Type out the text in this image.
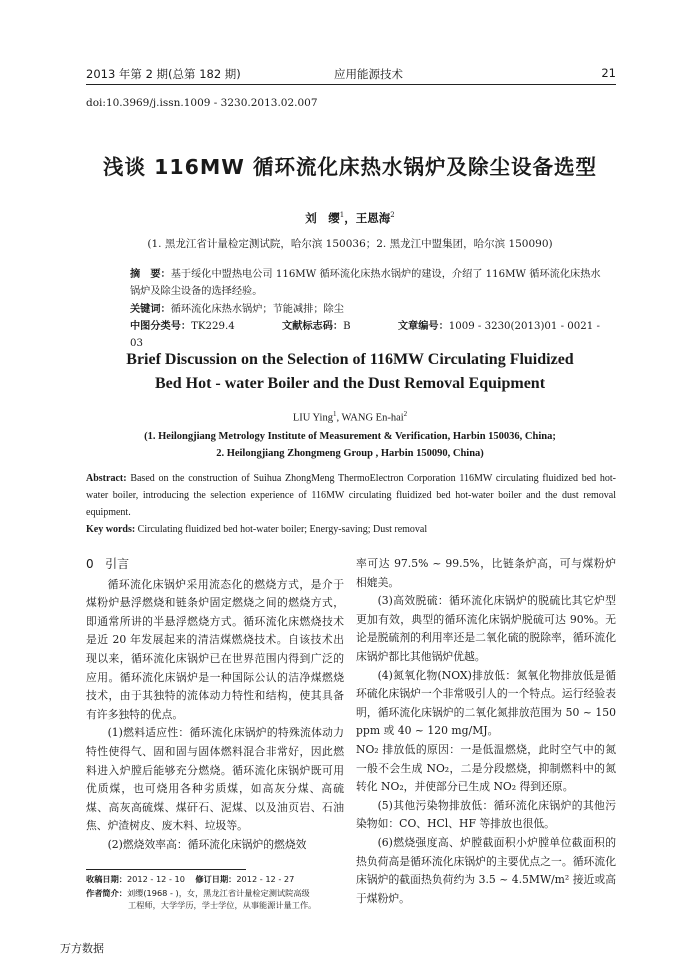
2013 年第 2 期(总第 182 期)	应用能源技术	21
doi:10.3969/j.issn.1009 - 3230.2013.02.007
浅谈 116MW 循环流化床热水锅炉及除尘设备选型
刘　缨$^1$，王恩海$^2$
(1. 黑龙江省计量检定测试院，哈尔滨 150036；2. 黑龙江中盟集团，哈尔滨 150090)
摘　要：基于绥化中盟热电公司 116MW 循环流化床热水锅炉的建设，介绍了 116MW 循环流化床热水锅炉及除尘设备的选择经验。
关键词：循环流化床热水锅炉；节能减排；除尘
中图分类号：TK229.4	文献标志码：B	文章编号：1009 - 3230(2013)01 - 0021 - 03
Brief Discussion on the Selection of 116MW Circulating Fluidized
Bed Hot - water Boiler and the Dust Removal Equipment
LIU Ying$^1$, WANG En-hai$^2$
(1. Heilongjiang Metrology Institute of Measurement & Verification, Harbin 150036, China;
2. Heilongjiang Zhongmeng Group , Harbin 150090, China)
Abstract: Based on the construction of Suihua ZhongMeng ThermoElectron Corporation 116MW circulating fluidized bed hot-water boiler, introducing the selection experience of 116MW circulating fluidized bed hot-water boiler and the dust removal equipment.
Key words: Circulating fluidized bed hot-water boiler; Energy-saving; Dust removal
0 引言

循环流化床锅炉采用流态化的燃烧方式，是介于煤粉炉悬浮燃烧和链条炉固定燃烧之间的燃烧方式，即通常所讲的半悬浮燃烧方式。循环流化床燃烧技术是近 20 年发展起来的清洁煤燃烧技术。自该技术出现以来，循环流化床锅炉已在世界范围内得到广泛的应用。循环流化床锅炉是一种国际公认的洁净煤燃烧技术，由于其独特的流体动力特性和结构，使其具备有许多独特的优点。

(1)燃料适应性：循环流化床锅炉的特殊流体动力特性使得气、固和固与固体燃料混合非常好，因此燃料进入炉膛后能够充分燃烧。循环流化床锅炉既可用优质煤，也可烧用各种劣质煤，如高灰分煤、高硫煤、高灰高硫煤、煤矸石、泥煤、以及油页岩、石油焦、炉渣树皮、废木料、垃圾等。

(2)燃烧效率高：循环流化床锅炉的燃烧效

率可达 97.5% ~ 99.5%，比链条炉高，可与煤粉炉相媲美。

(3)高效脱硫：循环流化床锅炉的脱硫比其它炉型更加有效，典型的循环流化床锅炉脱硫可达 90%。无论是脱硫剂的利用率还是二氧化硫的脱除率，循环流化床锅炉都比其他锅炉优越。

(4)氮氧化物(NOX)排放低：氮氧化物排放低是循环硫化床锅炉一个非常吸引人的一个特点。运行经验表明，循环流化床锅炉的二氧化氮排放范围为 50 ~ 150 ppm 或 40 ~ 120 mg/MJ。

NO₂ 排放低的原因：一是低温燃烧，此时空气中的氮一般不会生成 NO₂，二是分段燃烧，抑制燃料中的氮转化 NO₂，并使部分已生成 NO₂ 得到还原。

(5)其他污染物排放低：循环流化床锅炉的其他污染物如：CO、HCl、HF 等排放也很低。

(6)燃烧强度高、炉膛截面积小炉膛单位截面积的热负荷高是循环流化床锅炉的主要优点之一。循环流化床锅炉的截面热负荷约为 3.5 ~ 4.5MW/m² 接近或高于煤粉炉。

收稿日期：2012 - 12 - 10 修订日期：2012 - 12 - 27
作者简介：刘缨(1968 - )，女，黑龙江省计量检定测试院高级
工程师，大学学历，学士学位，从事能源计量工作。
万方数据
